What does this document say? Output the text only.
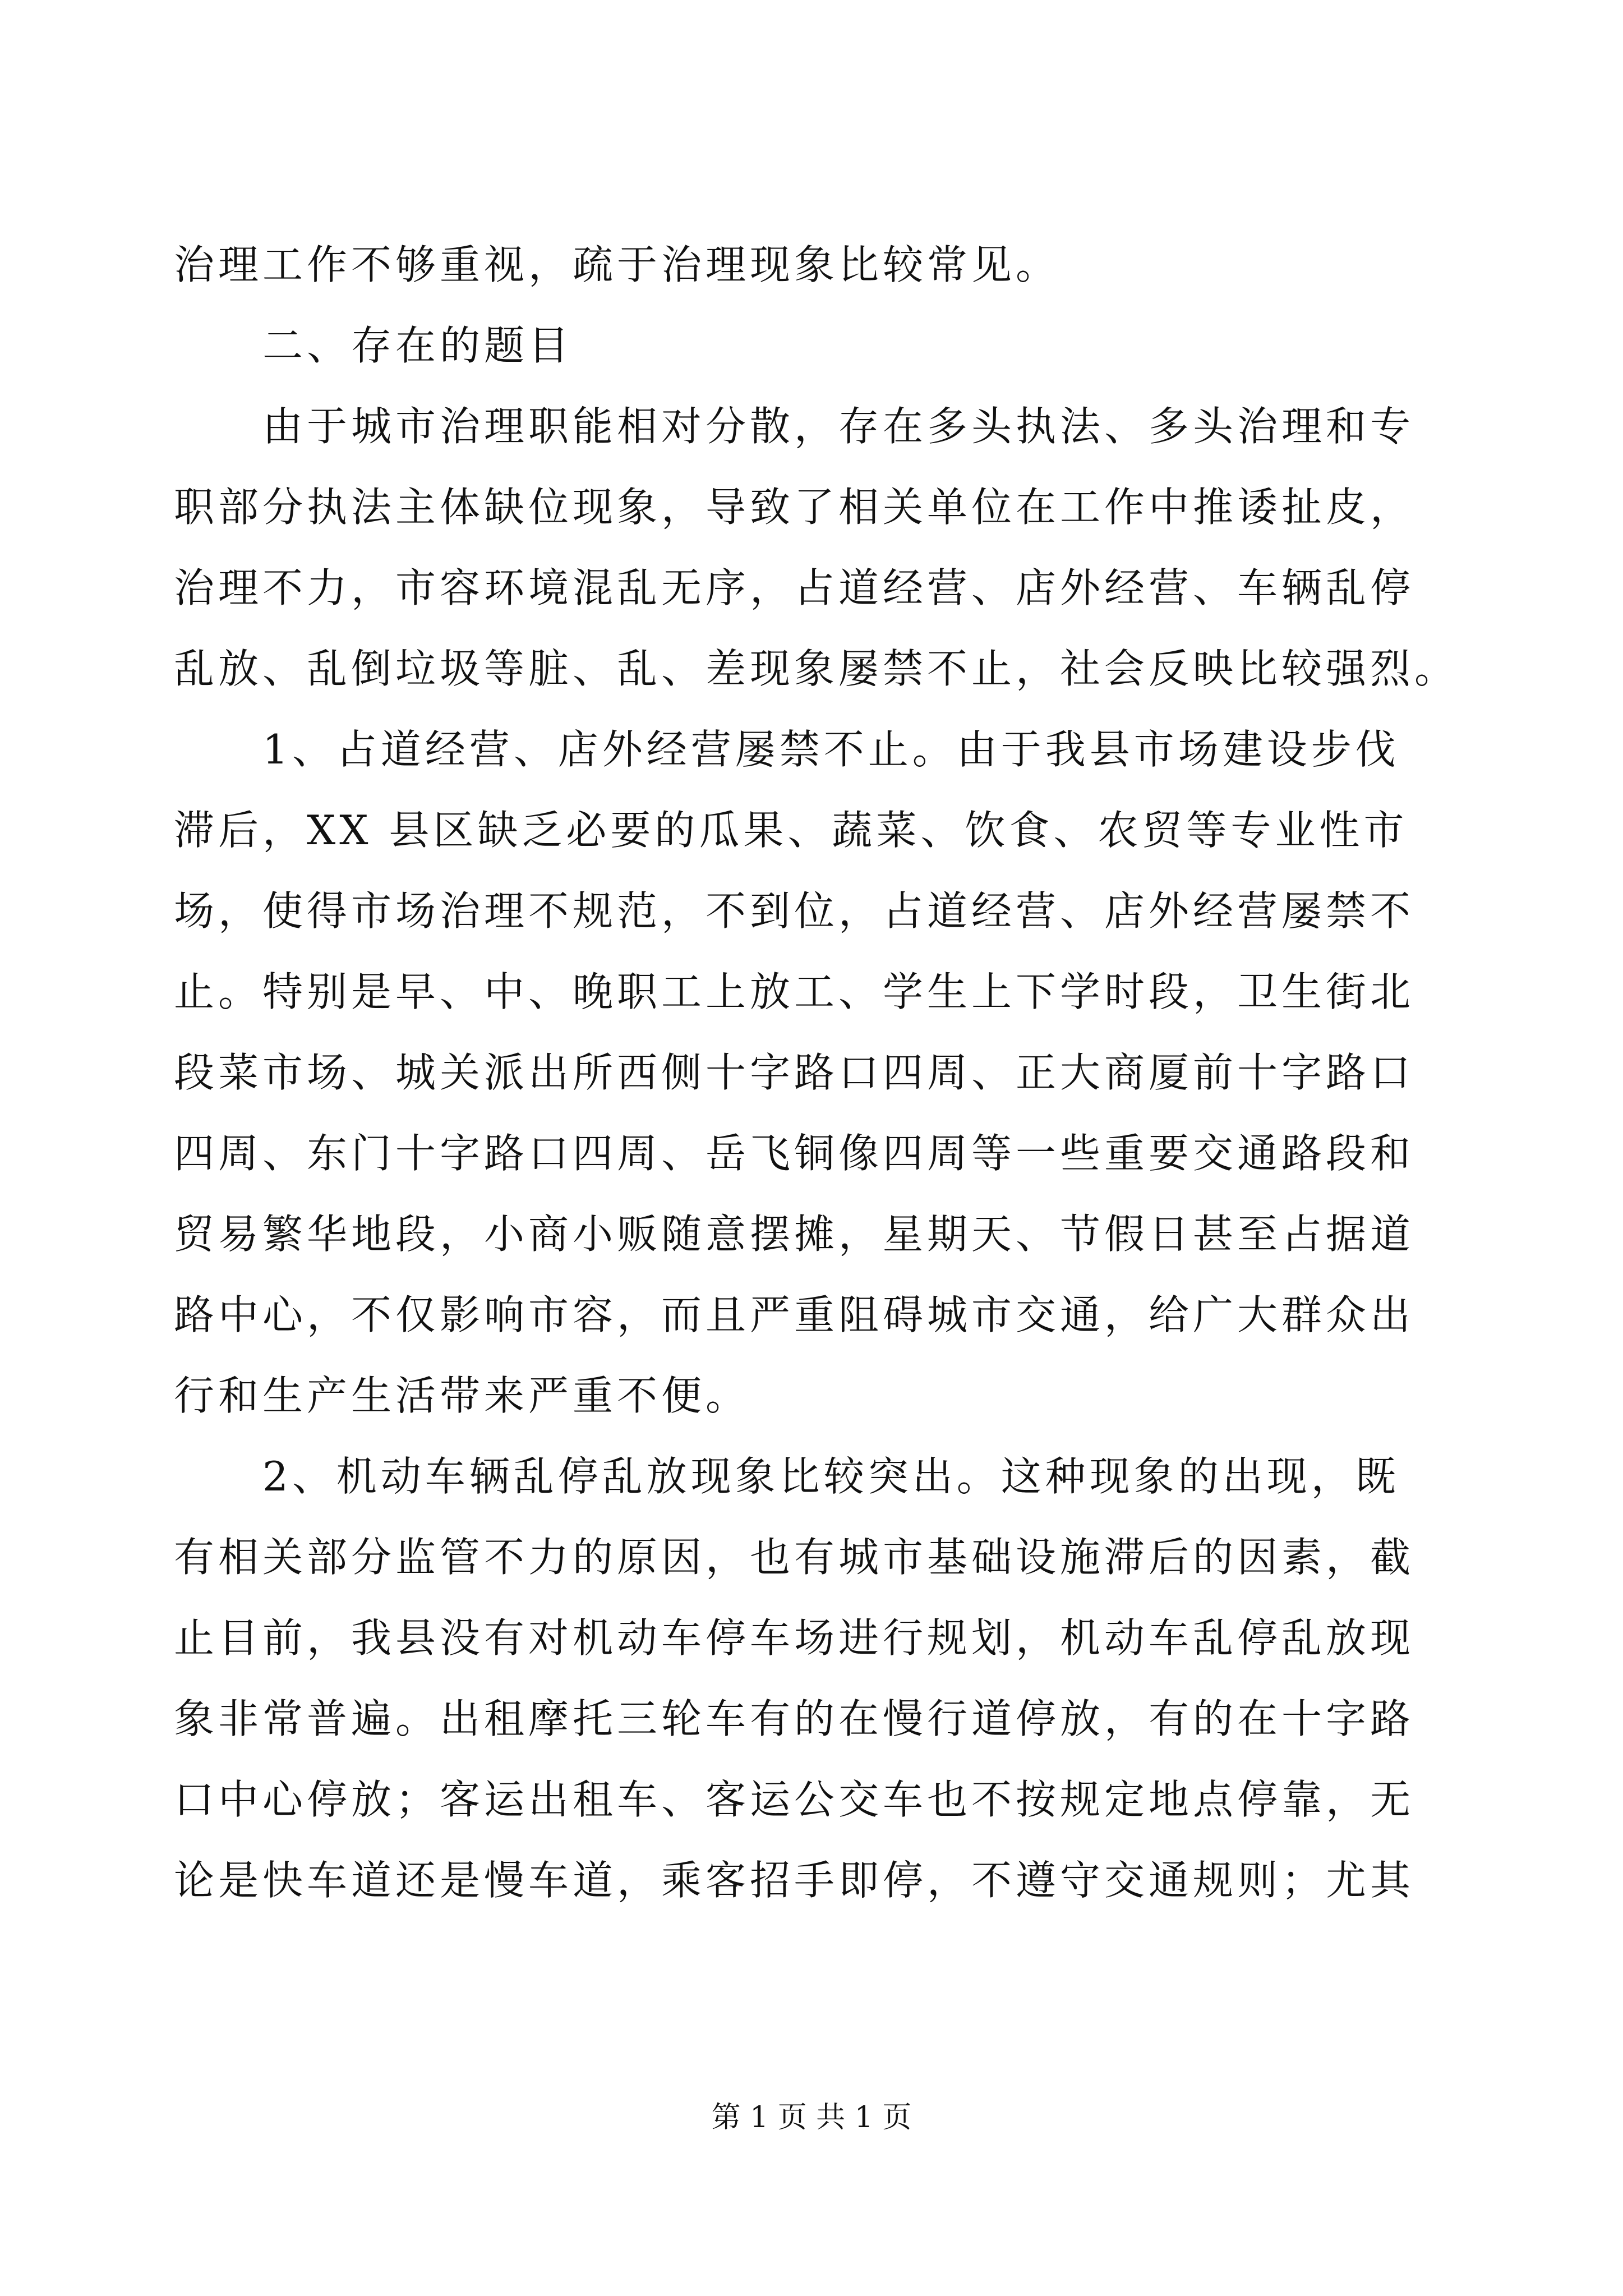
治理工作不够重视，疏于治理现象比较常见。
　　二、存在的题目
　　由于城市治理职能相对分散，存在多头执法、多头治理和专
职部分执法主体缺位现象，导致了相关单位在工作中推诿扯皮，
治理不力，市容环境混乱无序，占道经营、店外经营、车辆乱停
乱放、乱倒垃圾等脏、乱、差现象屡禁不止，社会反映比较强烈。
　　1、占道经营、店外经营屡禁不止。由于我县市场建设步伐
滞后，XX 县区缺乏必要的瓜果、蔬菜、饮食、农贸等专业性市
场，使得市场治理不规范，不到位，占道经营、店外经营屡禁不
止。特别是早、中、晚职工上放工、学生上下学时段，卫生街北
段菜市场、城关派出所西侧十字路口四周、正大商厦前十字路口
四周、东门十字路口四周、岳飞铜像四周等一些重要交通路段和
贸易繁华地段，小商小贩随意摆摊，星期天、节假日甚至占据道
路中心，不仅影响市容，而且严重阻碍城市交通，给广大群众出
行和生产生活带来严重不便。
　　2、机动车辆乱停乱放现象比较突出。这种现象的出现，既
有相关部分监管不力的原因，也有城市基础设施滞后的因素，截
止目前，我县没有对机动车停车场进行规划，机动车乱停乱放现
象非常普遍。出租摩托三轮车有的在慢行道停放，有的在十字路
口中心停放；客运出租车、客运公交车也不按规定地点停靠，无
论是快车道还是慢车道，乘客招手即停，不遵守交通规则；尤其
第 1 页 共 1 页
